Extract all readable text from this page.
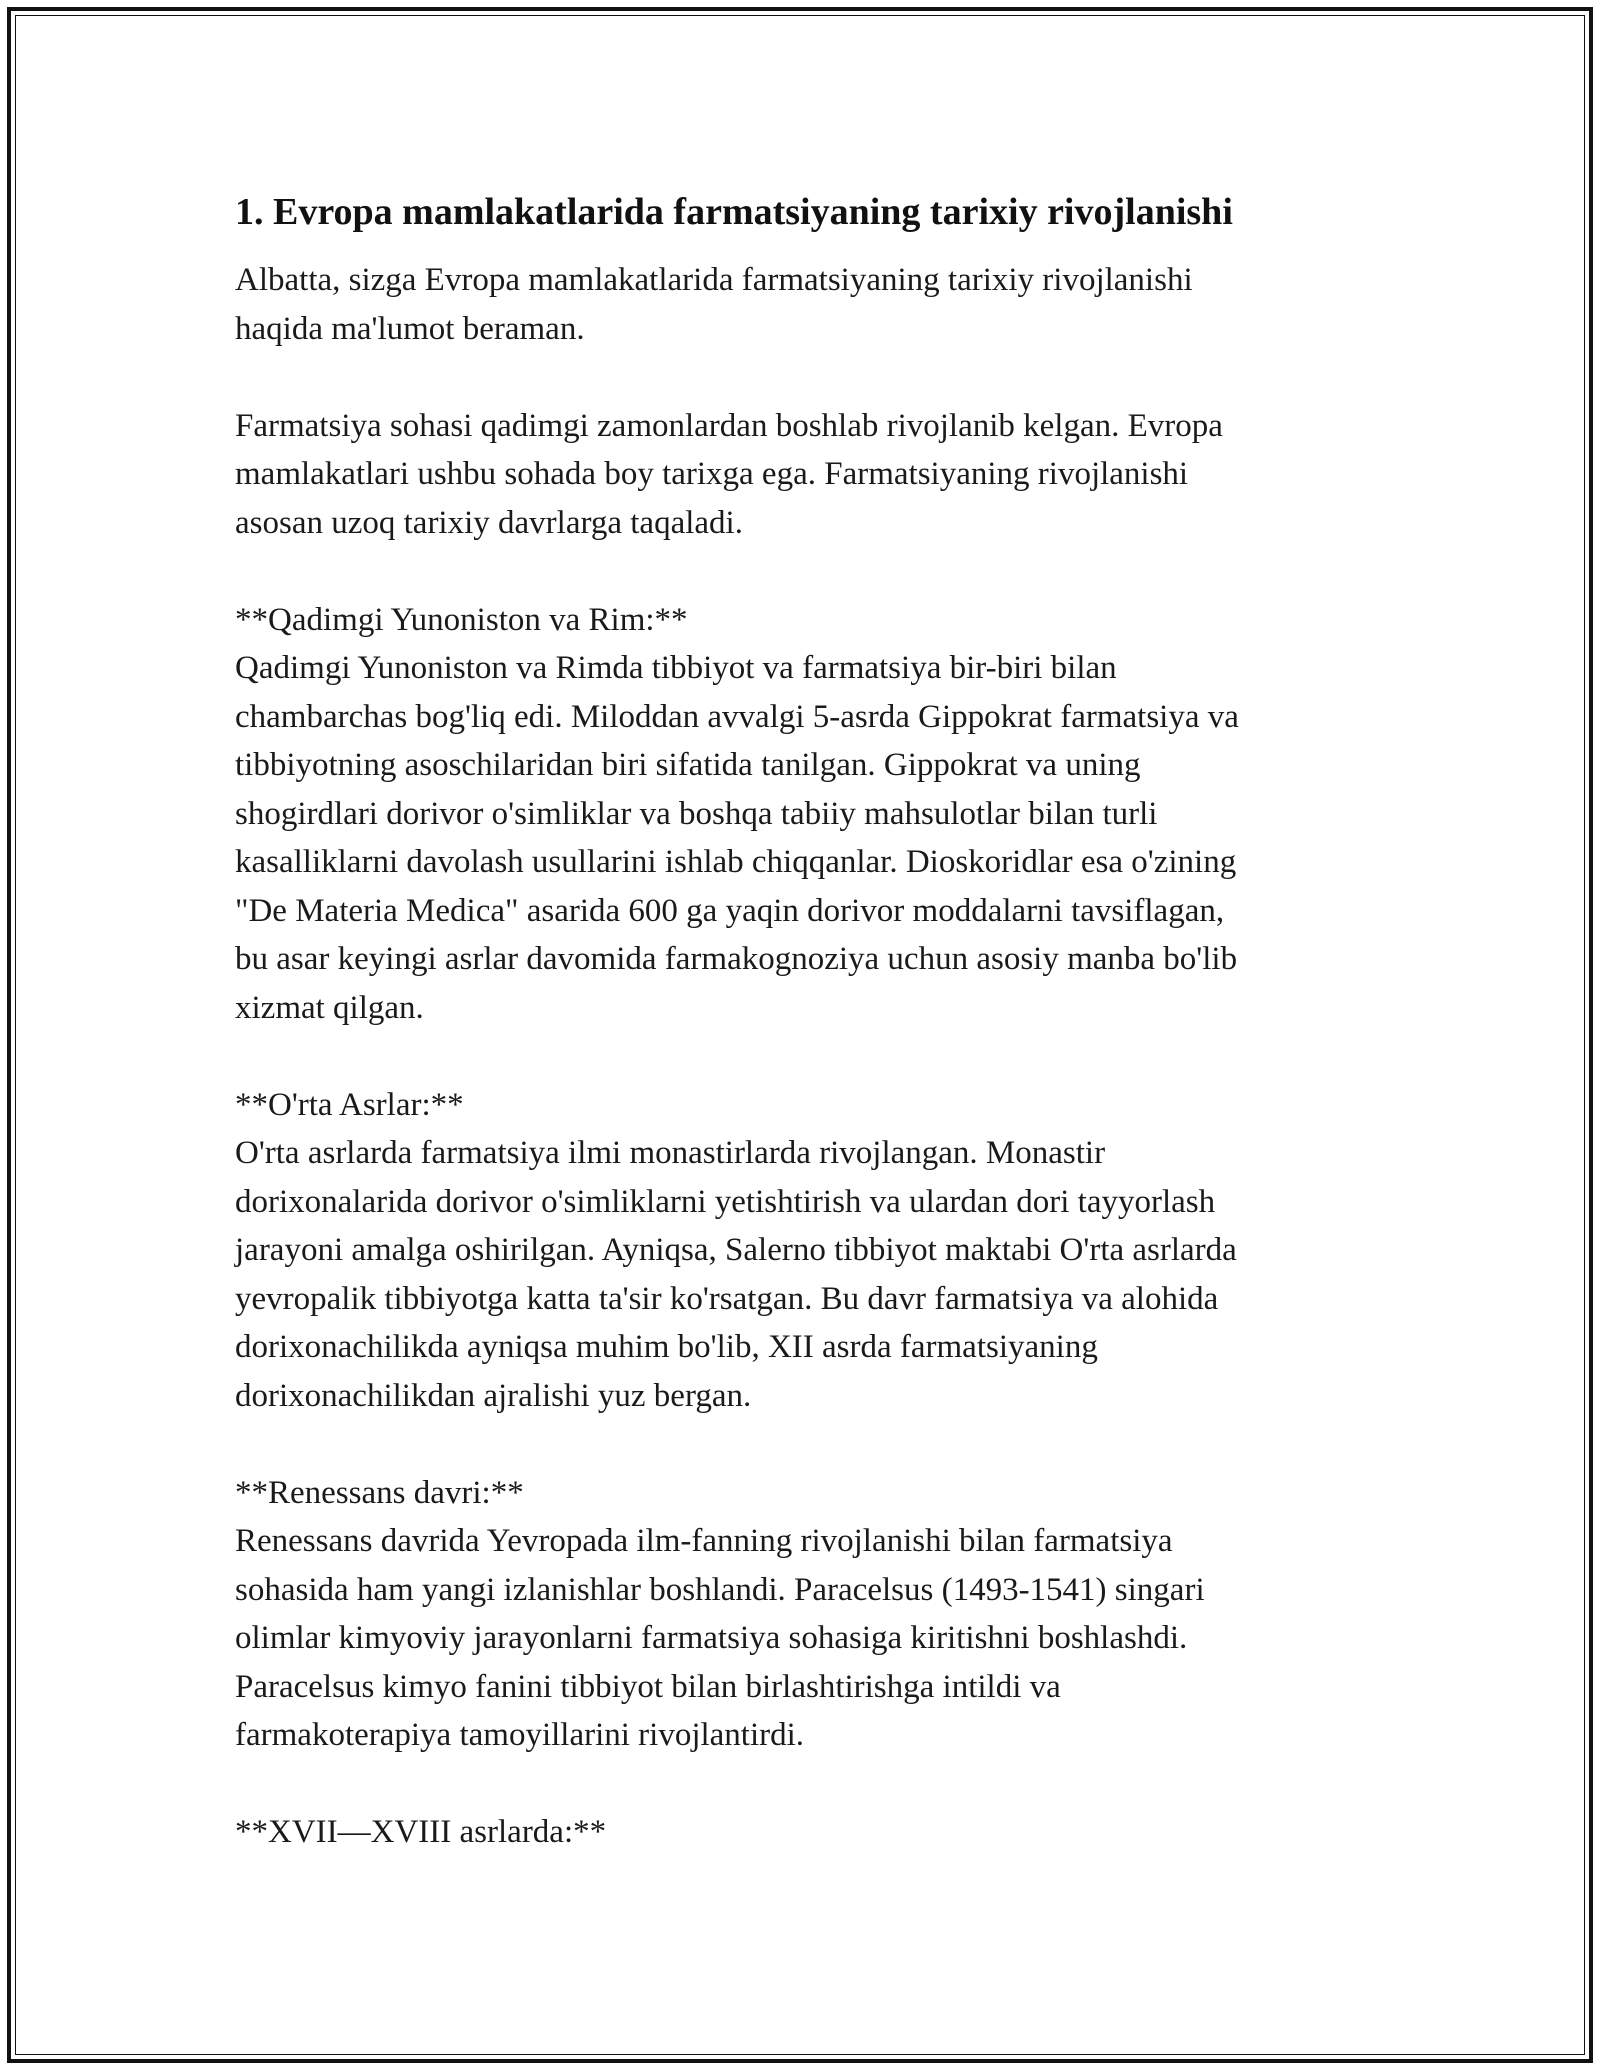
1. Evropa mamlakatlarida farmatsiyaning tarixiy rivojlanishi

Albatta, sizga Evropa mamlakatlarida farmatsiyaning tarixiy rivojlanishi
haqida ma'lumot beraman.

Farmatsiya sohasi qadimgi zamonlardan boshlab rivojlanib kelgan. Evropa
mamlakatlari ushbu sohada boy tarixga ega. Farmatsiyaning rivojlanishi
asosan uzoq tarixiy davrlarga taqaladi.

**Qadimgi Yunoniston va Rim:**

Qadimgi Yunoniston va Rimda tibbiyot va farmatsiya bir-biri bilan
chambarchas bog'liq edi. Miloddan avvalgi 5-asrda Gippokrat farmatsiya va
tibbiyotning asoschilaridan biri sifatida tanilgan. Gippokrat va uning
shogirdlari dorivor o'simliklar va boshqa tabiiy mahsulotlar bilan turli
kasalliklarni davolash usullarini ishlab chiqqanlar. Dioskoridlar esa o'zining
"De Materia Medica" asarida 600 ga yaqin dorivor moddalarni tavsiflagan,
bu asar keyingi asrlar davomida farmakognoziya uchun asosiy manba bo'lib
xizmat qilgan.

**O'rta Asrlar:**

O'rta asrlarda farmatsiya ilmi monastirlarda rivojlangan. Monastir
dorixonalarida dorivor o'simliklarni yetishtirish va ulardan dori tayyorlash
jarayoni amalga oshirilgan. Ayniqsa, Salerno tibbiyot maktabi O'rta asrlarda
yevropalik tibbiyotga katta ta'sir ko'rsatgan. Bu davr farmatsiya va alohida
dorixonachilikda ayniqsa muhim bo'lib, XII asrda farmatsiyaning
dorixonachilikdan ajralishi yuz bergan.

**Renessans davri:**

Renessans davrida Yevropada ilm-fanning rivojlanishi bilan farmatsiya
sohasida ham yangi izlanishlar boshlandi. Paracelsus (1493-1541) singari
olimlar kimyoviy jarayonlarni farmatsiya sohasiga kiritishni boshlashdi.
Paracelsus kimyo fanini tibbiyot bilan birlashtirishga intildi va
farmakoterapiya tamoyillarini rivojlantirdi.

**XVII—XVIII asrlarda:**
